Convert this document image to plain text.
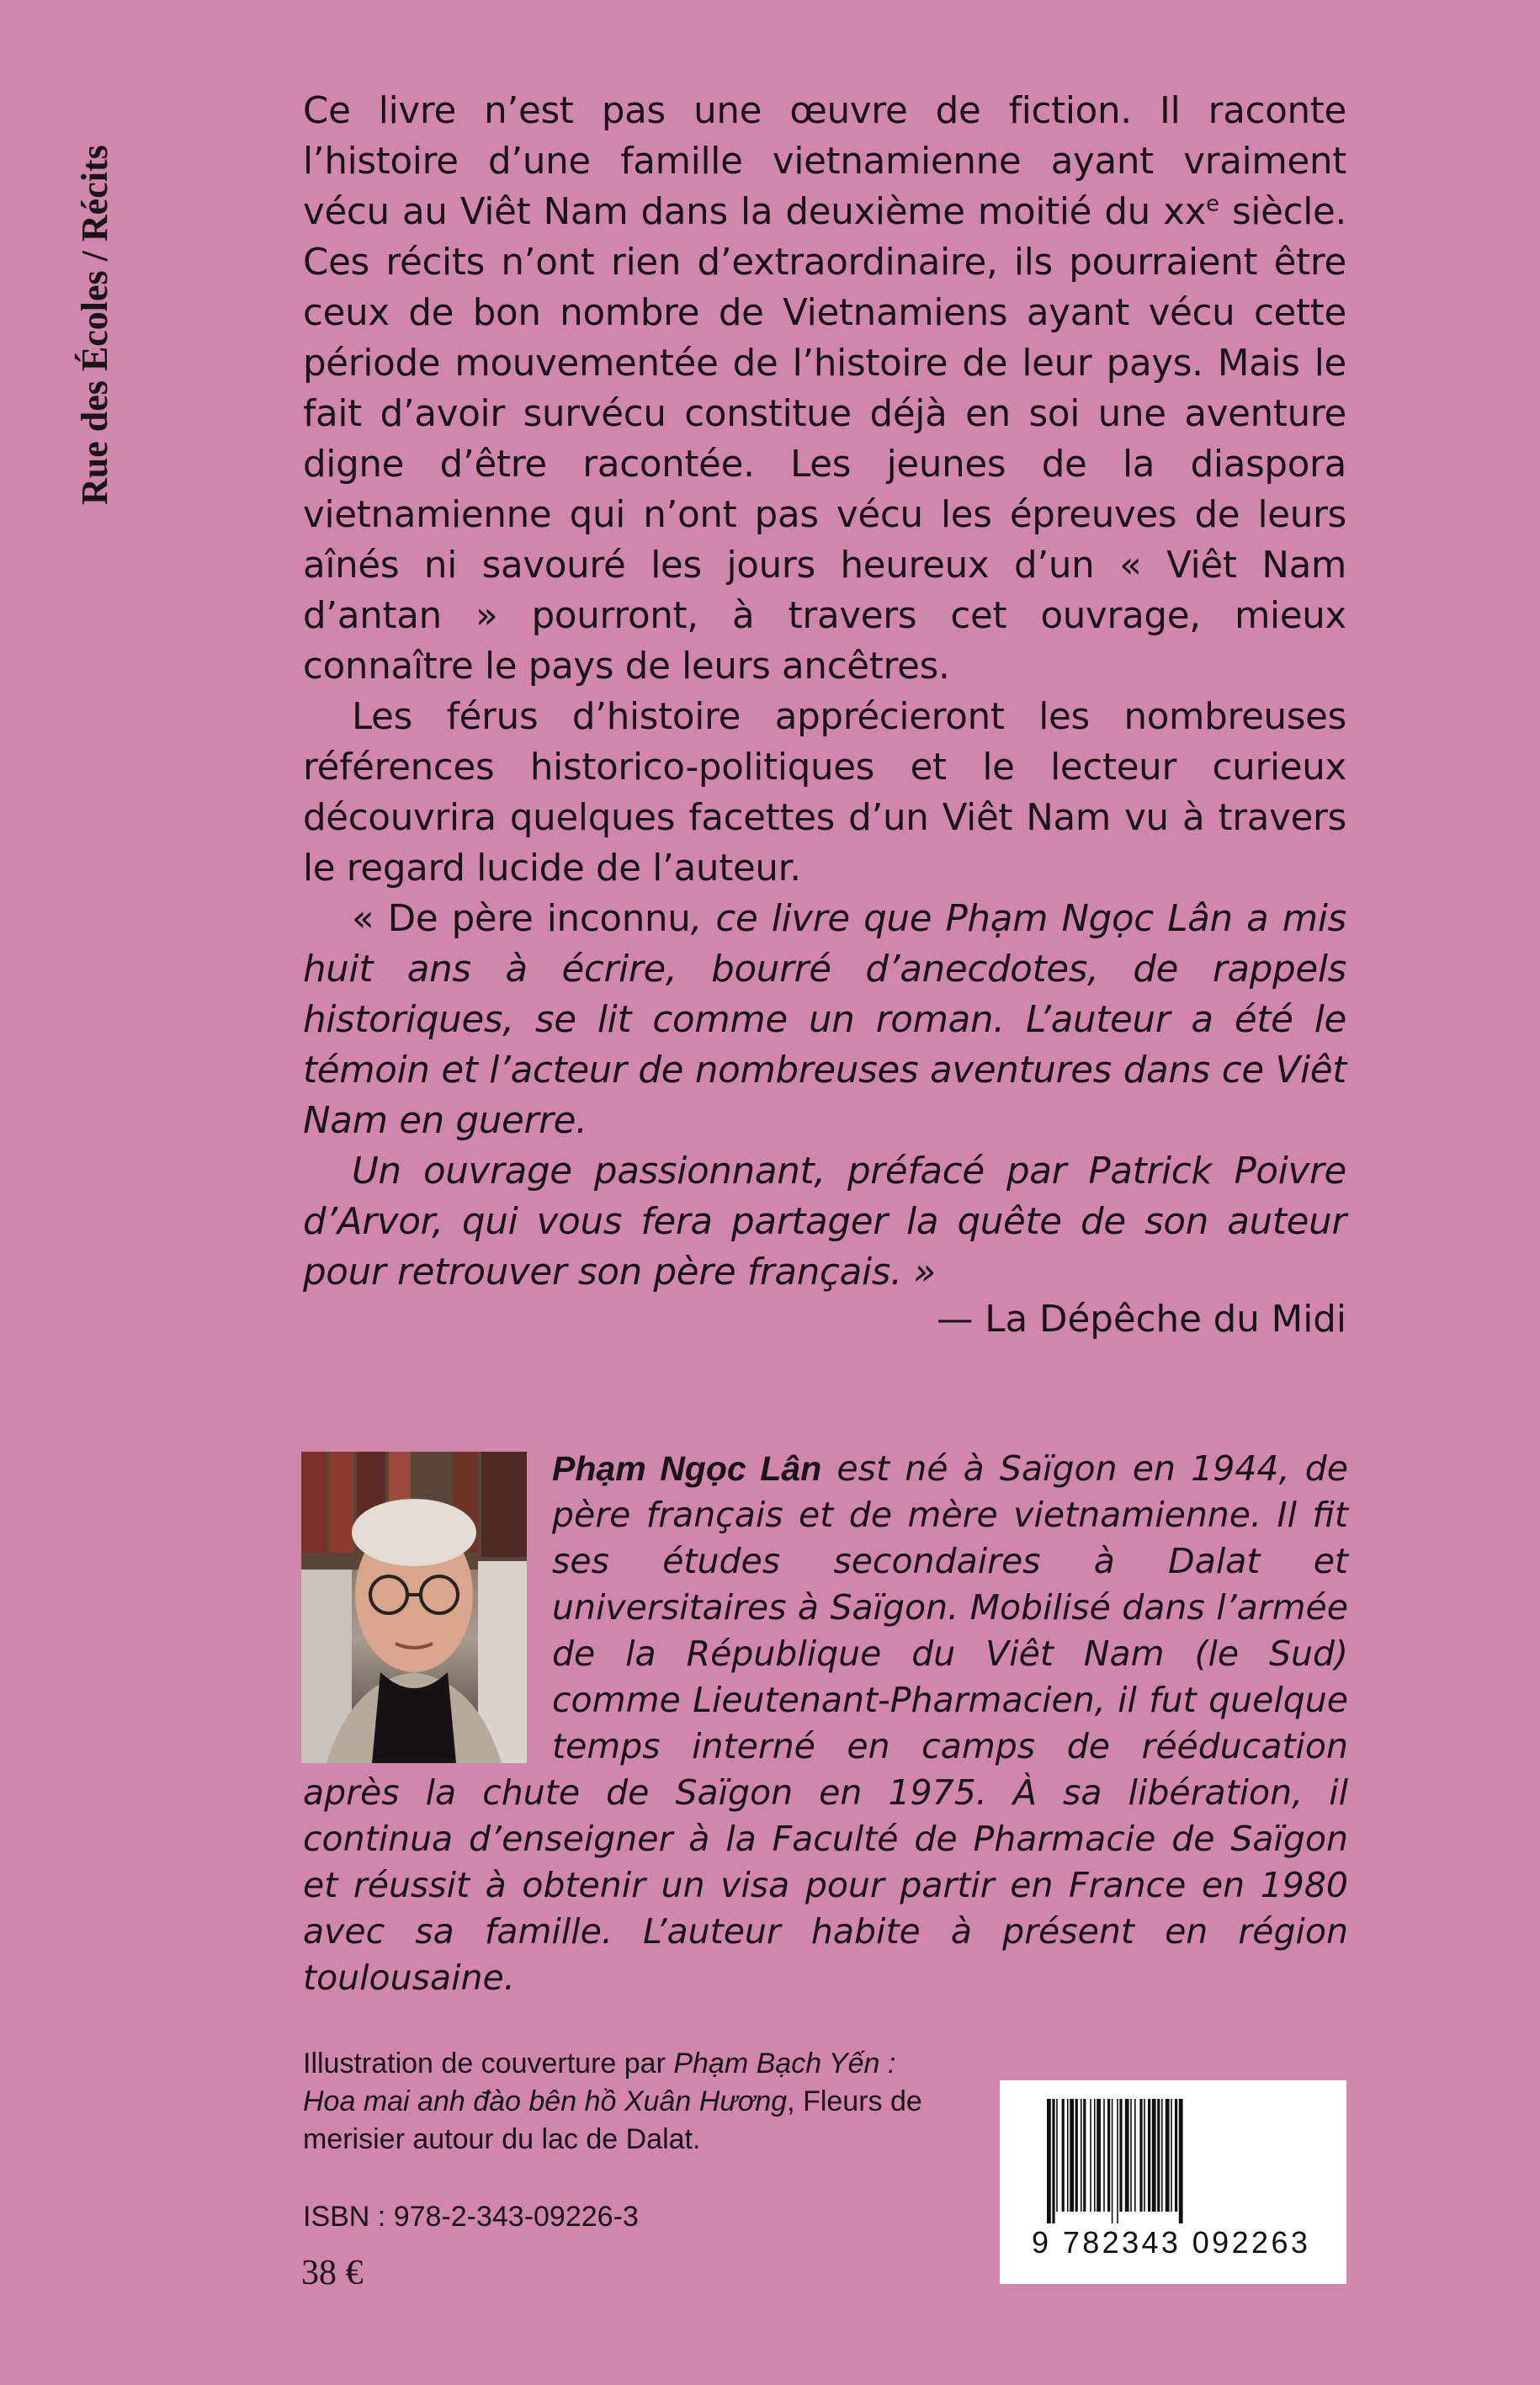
Rue des Écoles / Récits

Ce livre n’est pas une œuvre de fiction. Il raconte l’histoire d’une famille vietnamienne ayant vraiment vécu au Viêt Nam dans la deuxième moitié du $xx^e$ siècle. Ces récits n’ont rien d’extraordinaire, ils pourraient être ceux de bon nombre de Vietnamiens ayant vécu cette période mouvementée de l’histoire de leur pays. Mais le fait d’avoir survécu constitue déjà en soi une aventure digne d’être racontée. Les jeunes de la diaspora vietnamienne qui n’ont pas vécu les épreuves de leurs aînés ni savouré les jours heureux d’un « Viêt Nam d’antan » pourront, à travers cet ouvrage, mieux connaître le pays de leurs ancêtres.

Les férus d’histoire apprécieront les nombreuses références historico-politiques et le lecteur curieux découvrira quelques facettes d’un Viêt Nam vu à travers le regard lucide de l’auteur.

« De père inconnu, ce livre que Phạm Ngọc Lân a mis huit ans à écrire, bourré d’anecdotes, de rappels historiques, se lit comme un roman. L’auteur a été le témoin et l’acteur de nombreuses aventures dans ce Viêt Nam en guerre.

Un ouvrage passionnant, préfacé par Patrick Poivre d’Arvor, qui vous fera partager la quête de son auteur pour retrouver son père français. »

— La Dépêche du Midi

Phạm Ngọc Lân est né à Saïgon en 1944, de père français et de mère vietnamienne. Il fit ses études secondaires à Dalat et universitaires à Saïgon. Mobilisé dans l’armée de la République du Viêt Nam (le Sud) comme Lieutenant-Pharmacien, il fut quelque temps interné en camps de rééducation après la chute de Saïgon en 1975. À sa libération, il continua d’enseigner à la Faculté de Pharmacie de Saïgon et réussit à obtenir un visa pour partir en France en 1980 avec sa famille. L’auteur habite à présent en région toulousaine.

Illustration de couverture par Phạm Bạch Yến :
Hoa mai anh đào bên hồ Xuân Hương, Fleurs de merisier autour du lac de Dalat.
ISBN : 978-2-343-09226-3
38 €
9 782343 092263
